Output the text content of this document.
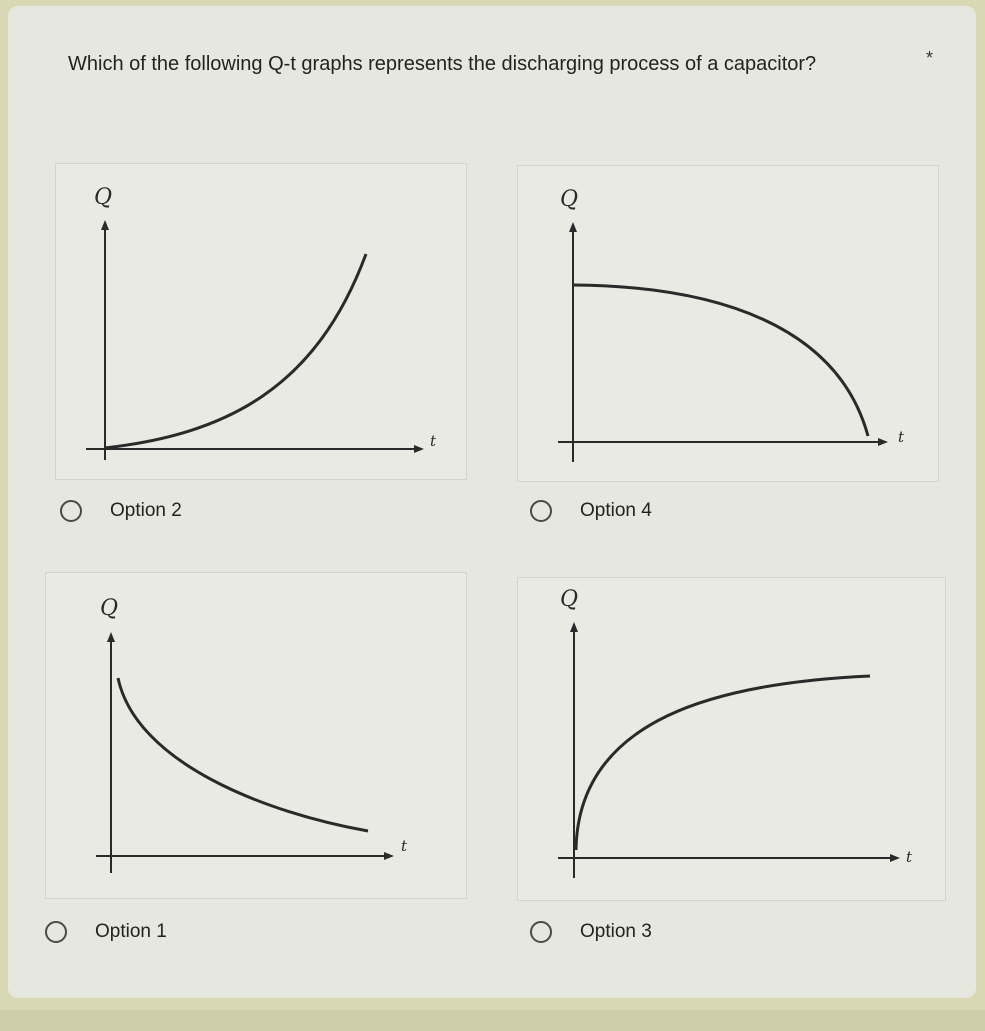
Which of the following Q-t graphs represents the discharging process of a capacitor?	*
Q
t
Q
t
Q
t
Q
t
Option 2	Option 4
Option 1	Option 3
